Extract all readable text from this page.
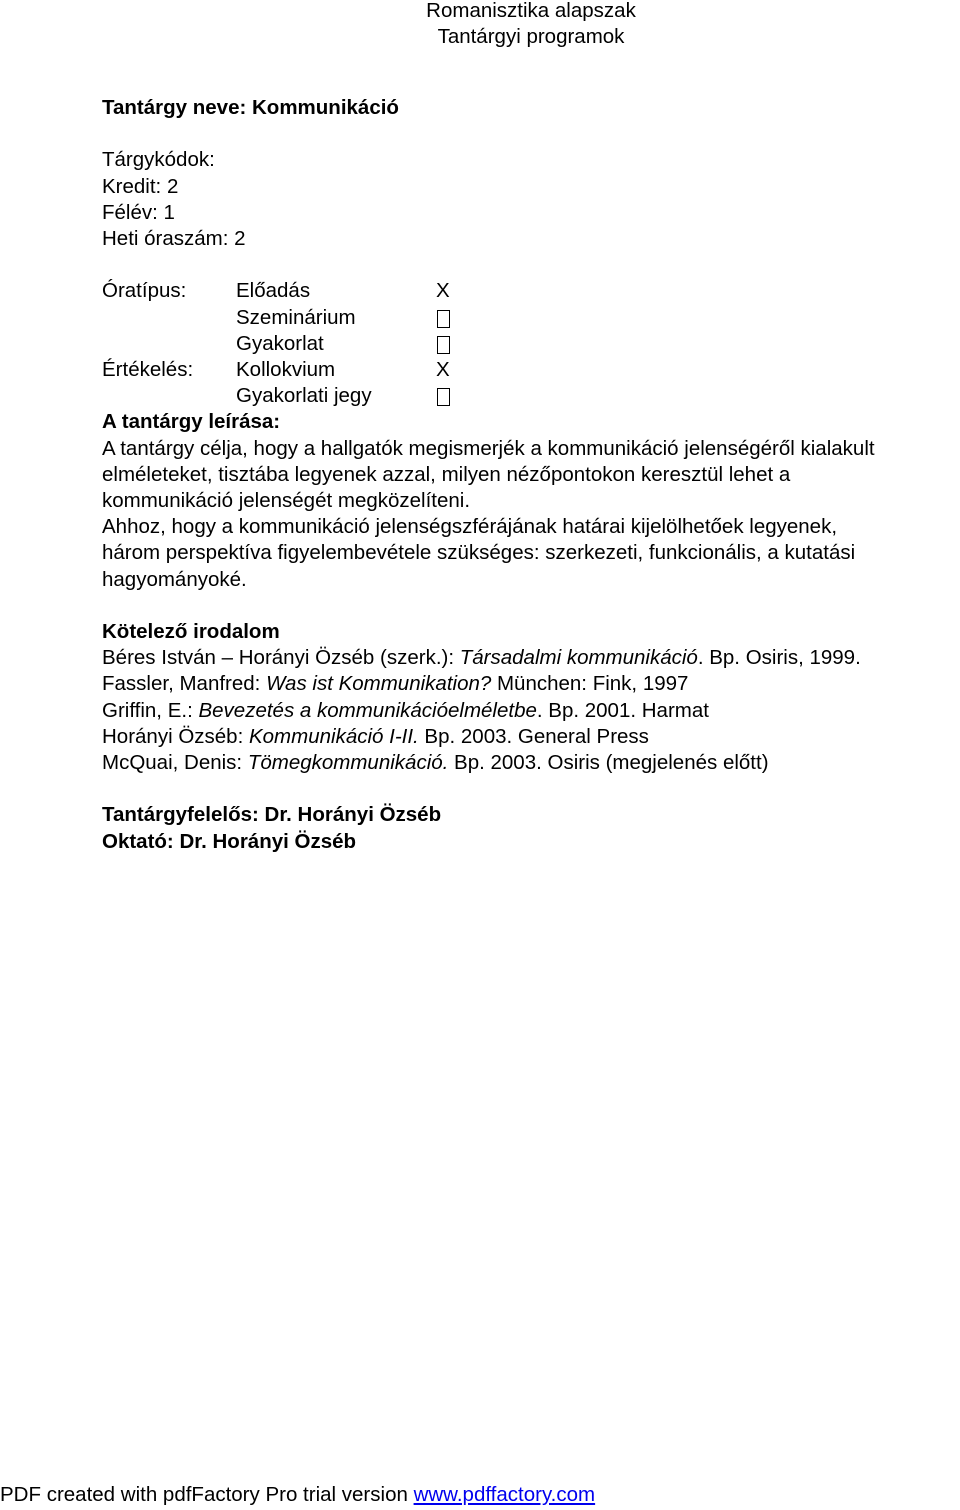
Romanisztika alapszak
Tantárgyi programok
Tantárgy neve: Kommunikáció
Tárgykódok:
Kredit: 2
Félév: 1
Heti óraszám: 2
Óratípus: Előadás	X
Szeminárium
Gyakorlat
Értékelés: Kollokvium	X
Gyakorlati jegy
A tantárgy leírása:
A tantárgy célja, hogy a hallgatók megismerjék a kommunikáció jelenségéről kialakult
elméleteket, tisztába legyenek azzal, milyen nézőpontokon keresztül lehet a
kommunikáció jelenségét megközelíteni.
Ahhoz, hogy a kommunikáció jelenségszférájának határai kijelölhetőek legyenek,
három perspektíva figyelembevétele szükséges: szerkezeti, funkcionális, a kutatási
hagyományoké.
Kötelező irodalom
Béres István – Horányi Özséb (szerk.): Társadalmi kommunikáció. Bp. Osiris, 1999.
Fassler, Manfred: Was ist Kommunikation? München: Fink, 1997
Griffin, E.: Bevezetés a kommunikációelméletbe. Bp. 2001. Harmat
Horányi Özséb: Kommunikáció I-II. Bp. 2003. General Press
McQuai, Denis: Tömegkommunikáció. Bp. 2003. Osiris (megjelenés előtt)
Tantárgyfelelős: Dr. Horányi Özséb
Oktató: Dr. Horányi Özséb
PDF created with pdfFactory Pro trial version www.pdffactory.com
